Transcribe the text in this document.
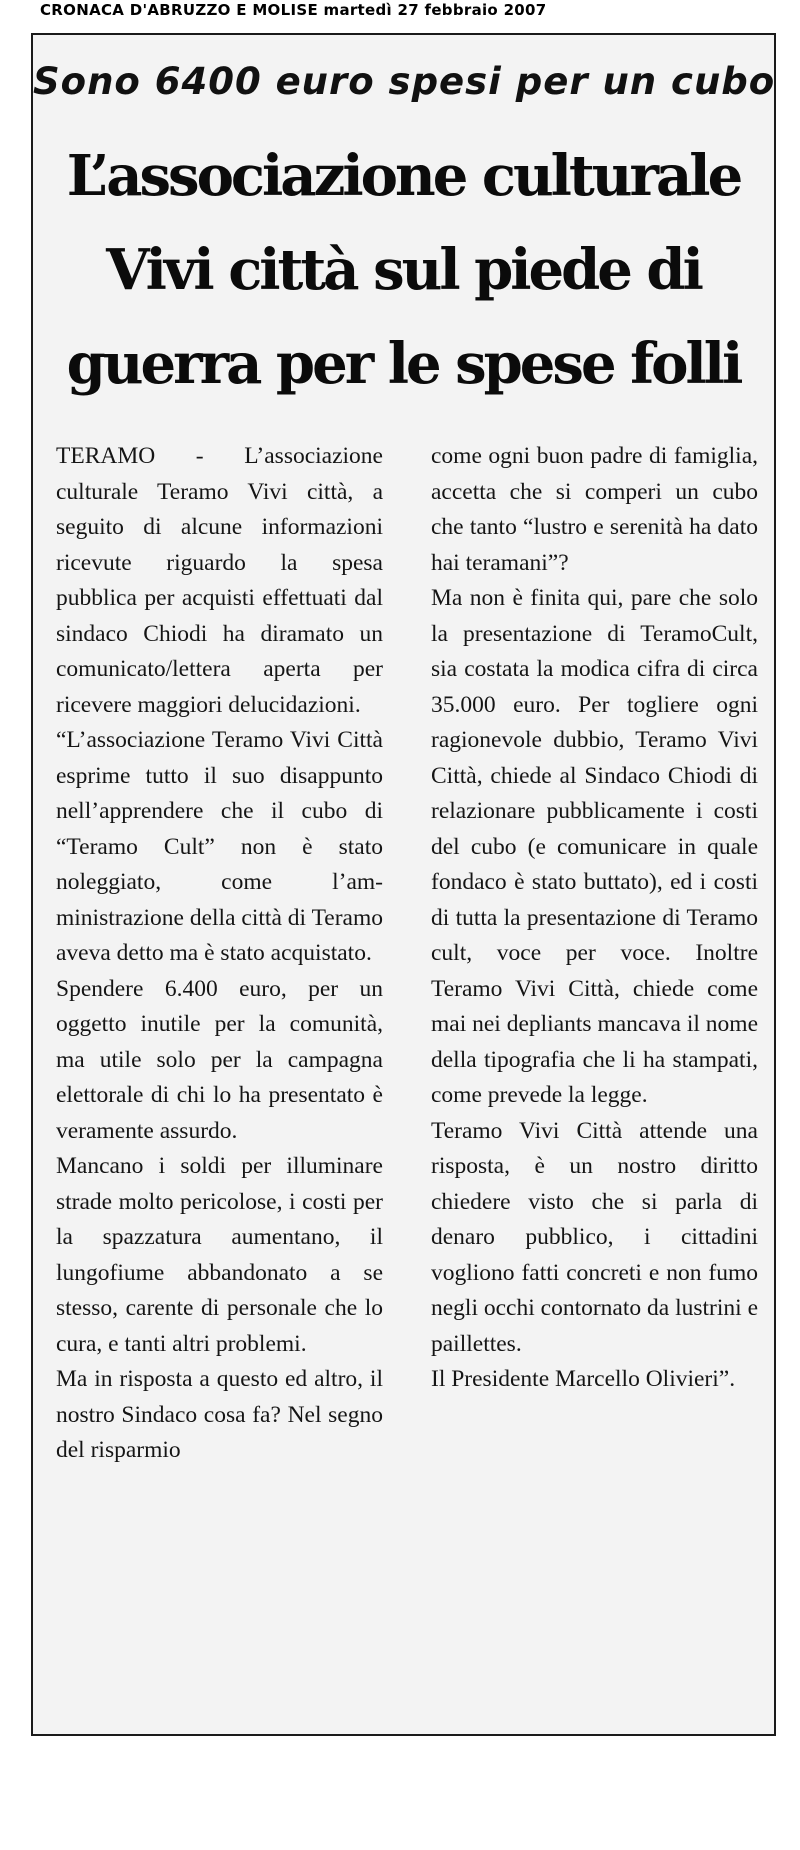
CRONACA D'ABRUZZO E MOLISE martedì 27 febbraio 2007
Sono 6400 euro spesi per un cubo
L’associazione culturale
Vivi città sul piede di
guerra per le spese folli

TERAMO - L’associazione culturale Teramo Vivi città, a seguito di alcune informazioni ricevute riguardo la spesa pubblica per acquisti effettuati dal sindaco Chiodi ha diramato un comunicato/lettera aperta per ricevere maggiori delucidazioni.

“L’associazione Teramo Vivi Città esprime tutto il suo disappunto nell’apprendere che il cubo di “Teramo Cult” non è stato noleggiato, come l’amministrazione della città di Teramo aveva detto ma è stato acquistato.

Spendere 6.400 euro, per un oggetto inutile per la comunità, ma utile solo per la campagna elettorale di chi lo ha presentato è veramente assurdo.

Mancano i soldi per illuminare strade molto pericolose, i costi per la spazzatura aumentano, il lungofiume abbandonato a se stesso, carente di personale che lo cura, e tanti altri problemi.

Ma in risposta a questo ed altro, il nostro Sindaco cosa fa? Nel segno del risparmio

come ogni buon padre di famiglia, accetta che si comperi un cubo che tanto “lustro e serenità ha dato hai teramani”?

Ma non è finita qui, pare che solo la presentazione di TeramoCult, sia costata la modica cifra di circa 35.000 euro. Per togliere ogni ragionevole dubbio, Teramo Vivi Città, chiede al Sindaco Chiodi di relazionare pubblicamente i costi del cubo (e comunicare in quale fondaco è stato buttato), ed i costi di tutta la presentazione di Teramo cult, voce per voce. Inoltre Teramo Vivi Città, chiede come mai nei depliants mancava il nome della tipografia che li ha stampati, come prevede la legge.

Teramo Vivi Città attende una risposta, è un nostro diritto chiedere visto che si parla di denaro pubblico, i cittadini vogliono fatti concreti e non fumo negli occhi contornato da lustrini e paillettes.

Il Presidente Marcello Olivieri”.
